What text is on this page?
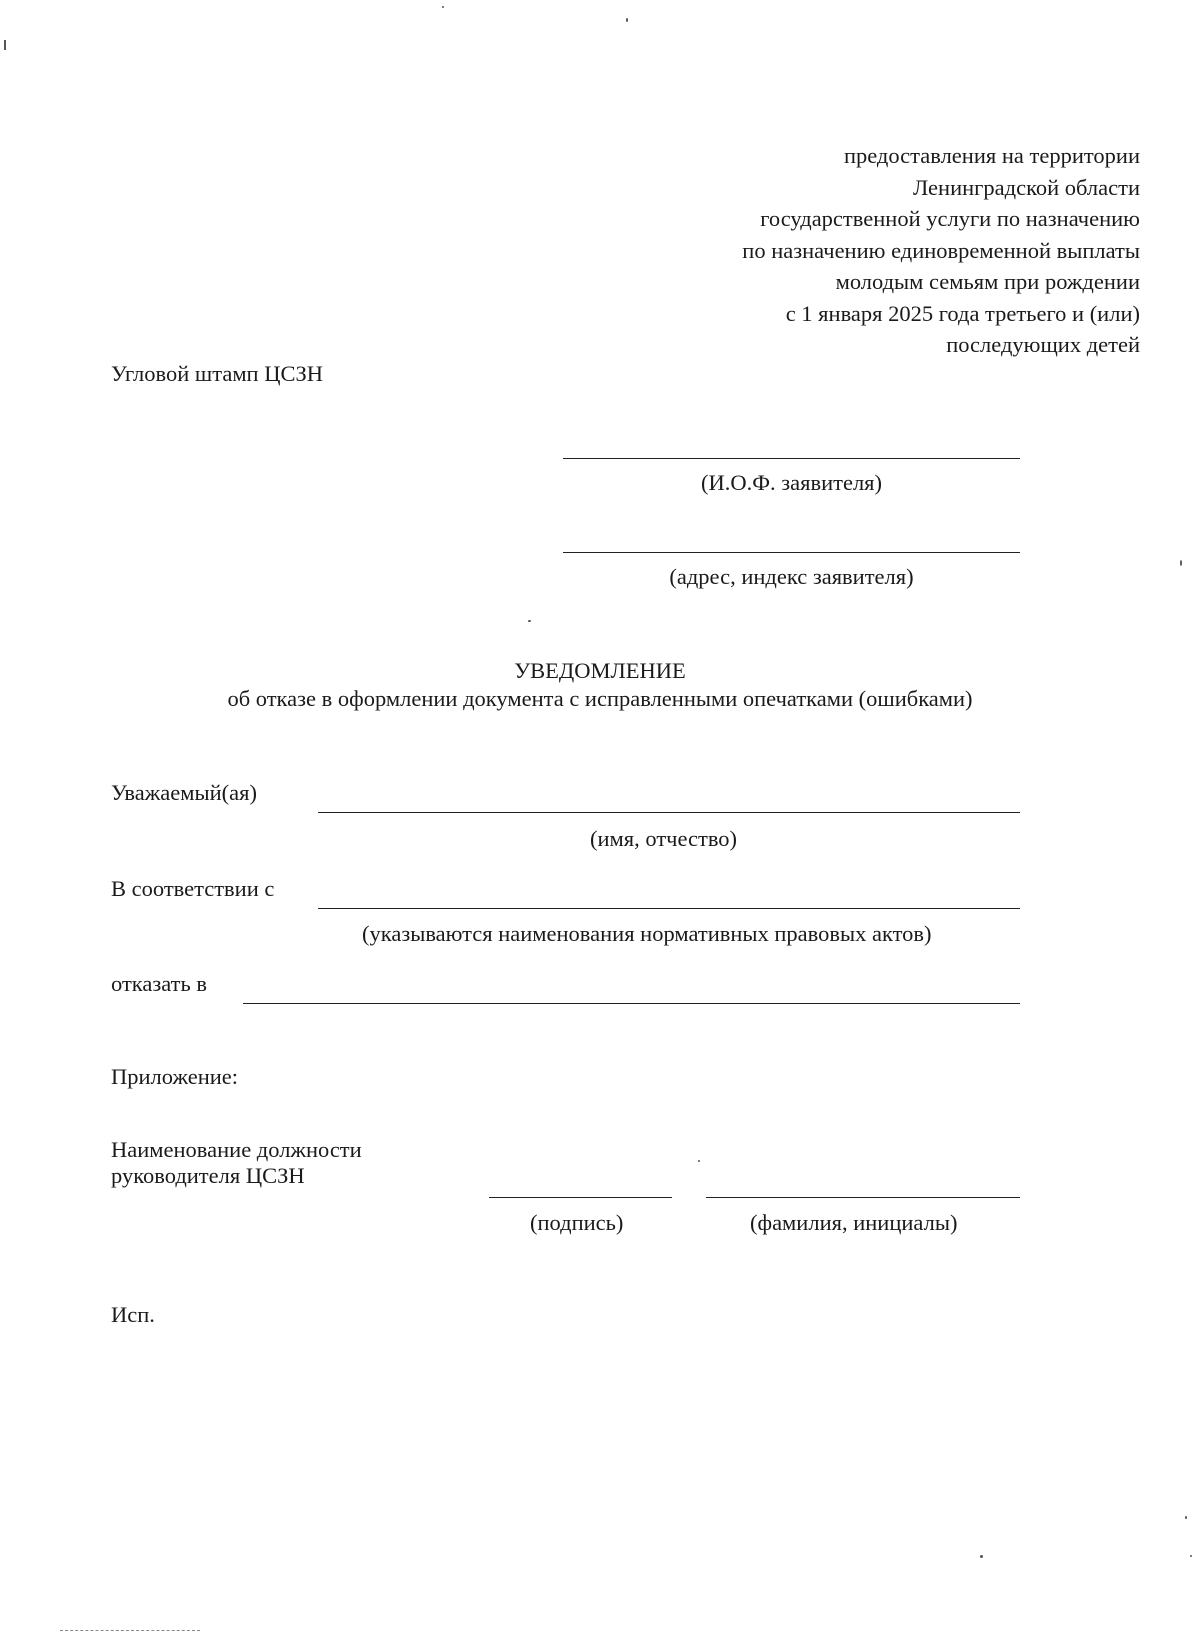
предоставления на территории
Ленинградской области
государственной услуги по назначению
по назначению единовременной выплаты
молодым семьям при рождении
с 1 января 2025 года третьего и (или)
последующих детей
Угловой штамп ЦСЗН
(И.О.Ф. заявителя)
(адрес, индекс заявителя)
УВЕДОМЛЕНИЕ
об отказе в оформлении документа с исправленными опечатками (ошибками)
Уважаемый(ая)
(имя, отчество)
В соответствии с
(указываются наименования нормативных правовых актов)
отказать в
Приложение:
Наименование должности
руководителя ЦСЗН
(подпись)	(фамилия, инициалы)
Исп.
